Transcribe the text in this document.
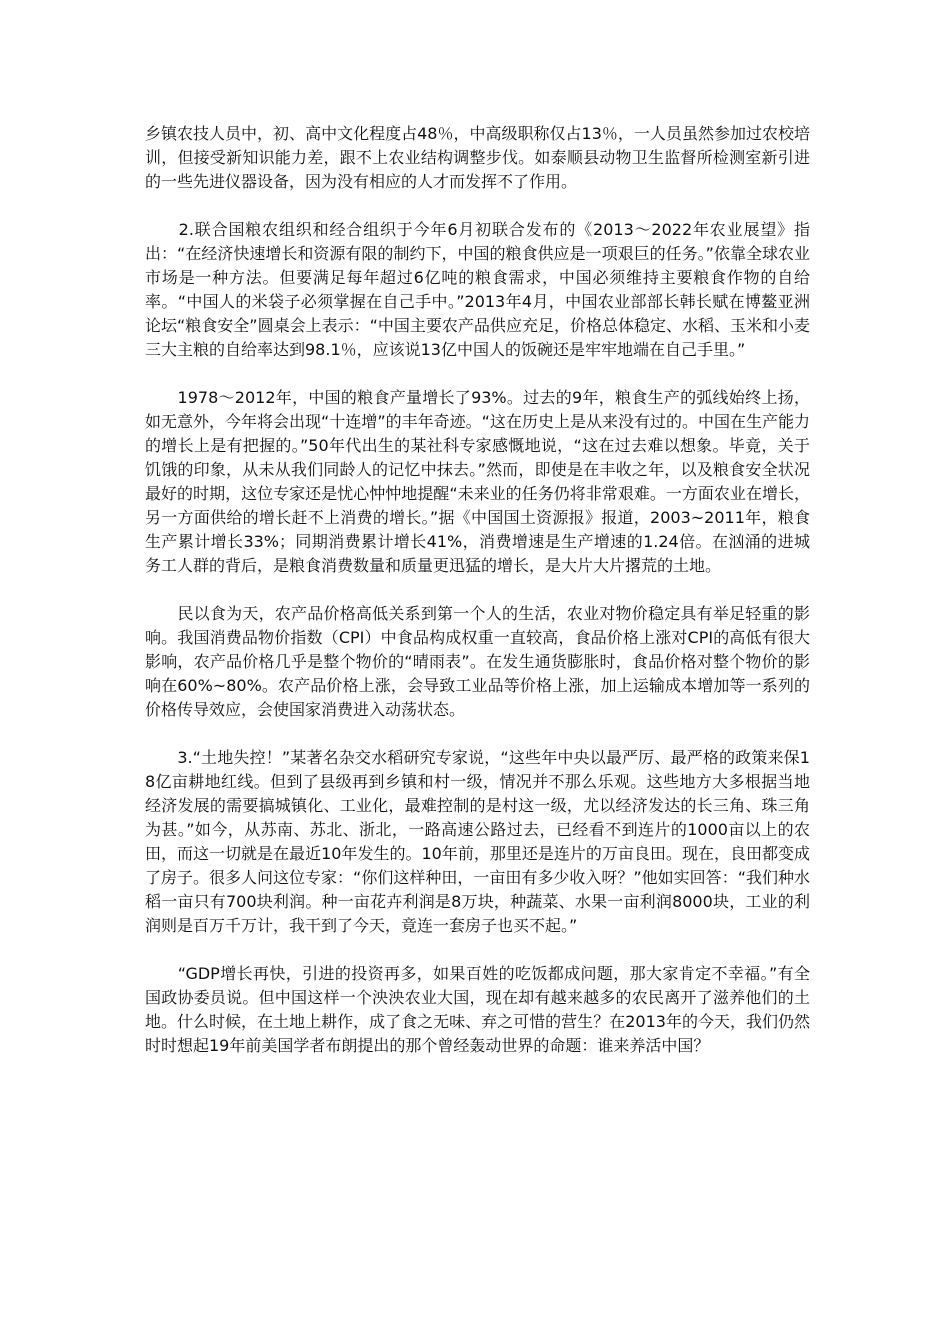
乡镇农技人员中，初、高中文化程度占48％，中高级职称仅占13％，一人员虽然参加过农校培训，但接受新知识能力差，跟不上农业结构调整步伐。如泰顺县动物卫生监督所检测室新引进的一些先进仪器设备，因为没有相应的人才而发挥不了作用。

　　2.联合国粮农组织和经合组织于今年6月初联合发布的《2013～2022年农业展望》指出：“在经济快速增长和资源有限的制约下，中国的粮食供应是一项艰巨的任务。”依靠全球农业市场是一种方法。但要满足每年超过6亿吨的粮食需求，中国必须维持主要粮食作物的自给率。“中国人的米袋子必须掌握在自己手中。”2013年4月，中国农业部部长韩长赋在博鳌亚洲论坛“粮食安全”圆桌会上表示：“中国主要农产品供应充足，价格总体稳定、水稻、玉米和小麦三大主粮的自给率达到98.1％，应该说13亿中国人的饭碗还是牢牢地端在自己手里。”

　　1978～2012年，中国的粮食产量增长了93%。过去的9年，粮食生产的弧线始终上扬，如无意外，今年将会出现“十连增”的丰年奇迹。“这在历史上是从来没有过的。中国在生产能力的增长上是有把握的。”50年代出生的某社科专家感慨地说，“这在过去难以想象。毕竟，关于饥饿的印象，从未从我们同龄人的记忆中抹去。”然而，即使是在丰收之年，以及粮食安全状况最好的时期，这位专家还是忧心忡忡地提醒“未来业的任务仍将非常艰难。一方面农业在增长，另一方面供给的增长赶不上消费的增长。”据《中国国土资源报》报道，2003~2011年，粮食生产累计增长33%；同期消费累计增长41%，消费增速是生产增速的1.24倍。在汹涌的进城务工人群的背后，是粮食消费数量和质量更迅猛的增长，是大片大片撂荒的土地。

　　民以食为天，农产品价格高低关系到第一个人的生活，农业对物价稳定具有举足轻重的影响。我国消费品物价指数（CPI）中食品构成权重一直较高，食品价格上涨对CPI的高低有很大影响，农产品价格几乎是整个物价的“晴雨表”。在发生通货膨胀时，食品价格对整个物价的影响在60%~80%。农产品价格上涨，会导致工业品等价格上涨，加上运输成本增加等一系列的价格传导效应，会使国家消费进入动荡状态。

　　3.“土地失控！”某著名杂交水稻研究专家说，“这些年中央以最严厉、最严格的政策来保18亿亩耕地红线。但到了县级再到乡镇和村一级，情况并不那么乐观。这些地方大多根据当地经济发展的需要搞城镇化、工业化，最难控制的是村这一级，尤以经济发达的长三角、珠三角为甚。”如今，从苏南、苏北、浙北，一路高速公路过去，已经看不到连片的1000亩以上的农田，而这一切就是在最近10年发生的。10年前，那里还是连片的万亩良田。现在，良田都变成了房子。很多人问这位专家：“你们这样种田，一亩田有多少收入呀？”他如实回答：“我们种水稻一亩只有700块利润。种一亩花卉利润是8万块，种蔬菜、水果一亩利润8000块，工业的利润则是百万千万计，我干到了今天，竟连一套房子也买不起。”

　　“GDP增长再快，引进的投资再多，如果百姓的吃饭都成问题，那大家肯定不幸福。”有全国政协委员说。但中国这样一个泱泱农业大国，现在却有越来越多的农民离开了滋养他们的土地。什么时候，在土地上耕作，成了食之无味、弃之可惜的营生？在2013年的今天，我们仍然时时想起19年前美国学者布朗提出的那个曾经轰动世界的命题：谁来养活中国？
